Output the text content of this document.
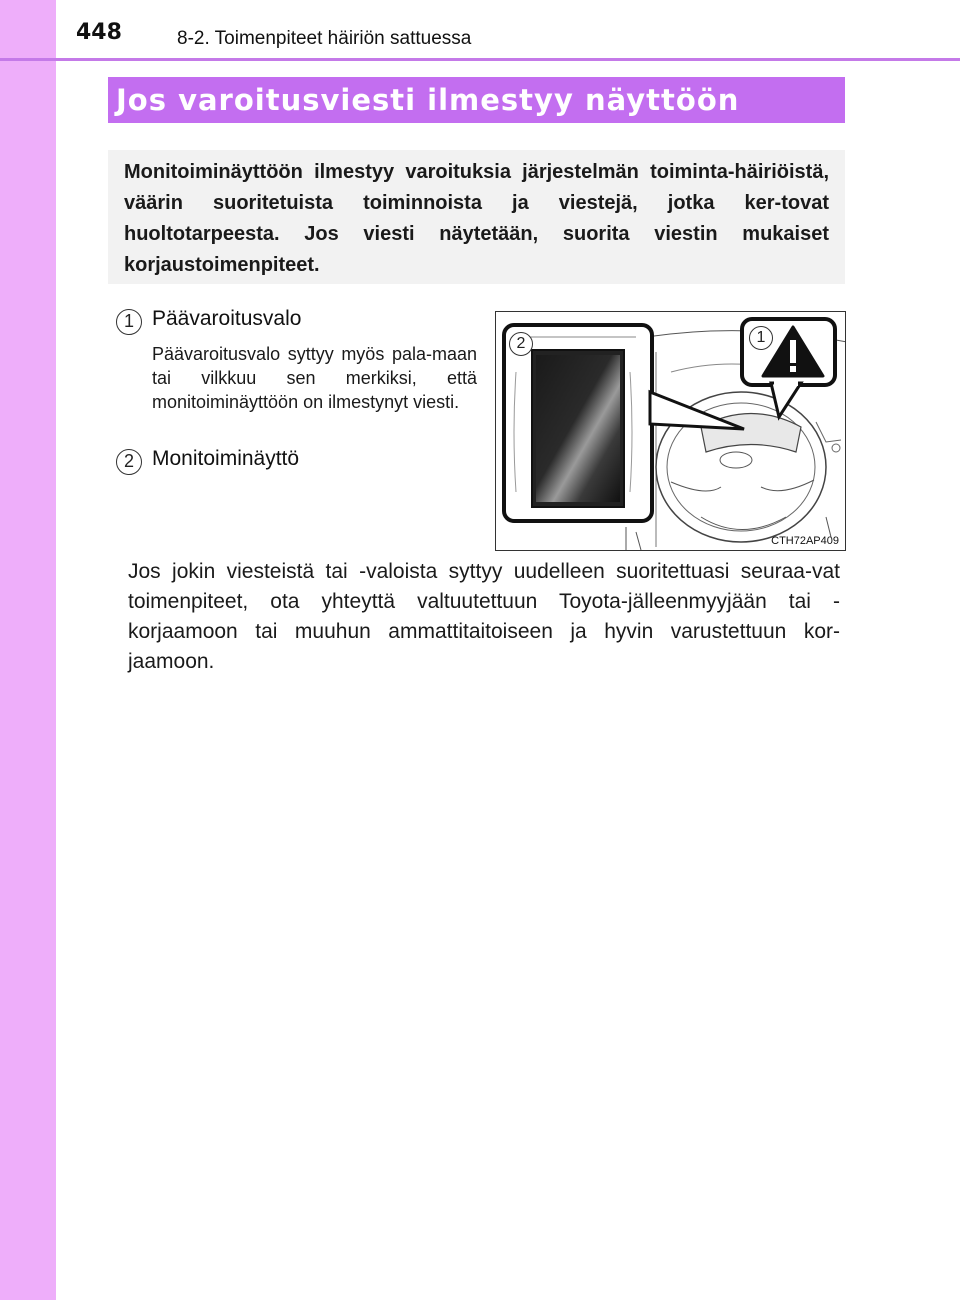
448	8-2. Toimenpiteet häiriön sattuessa
Jos varoitusviesti ilmestyy näyttöön

Monitoiminäyttöön ilmestyy varoituksia järjestelmän toiminta-häiriöistä, väärin suoritetuista toiminnoista ja viestejä, jotka ker-tovat huoltotarpeesta. Jos viesti näytetään, suorita viestin mukaiset korjaustoimenpiteet.

1 Päävaroitusvalo

Päävaroitusvalo syttyy myös pala-maan tai vilkkuu sen merkiksi, että monitoiminäyttöön on ilmestynyt viesti.

2 Monitoiminäyttö
2	1
CTH72AP409

Jos jokin viesteistä tai -valoista syttyy uudelleen suoritettuasi seuraa-vat toimenpiteet, ota yhteyttä valtuutettuun Toyota-jälleenmyyjään tai -korjaamoon tai muuhun ammattitaitoiseen ja hyvin varustettuun kor-jaamoon.
